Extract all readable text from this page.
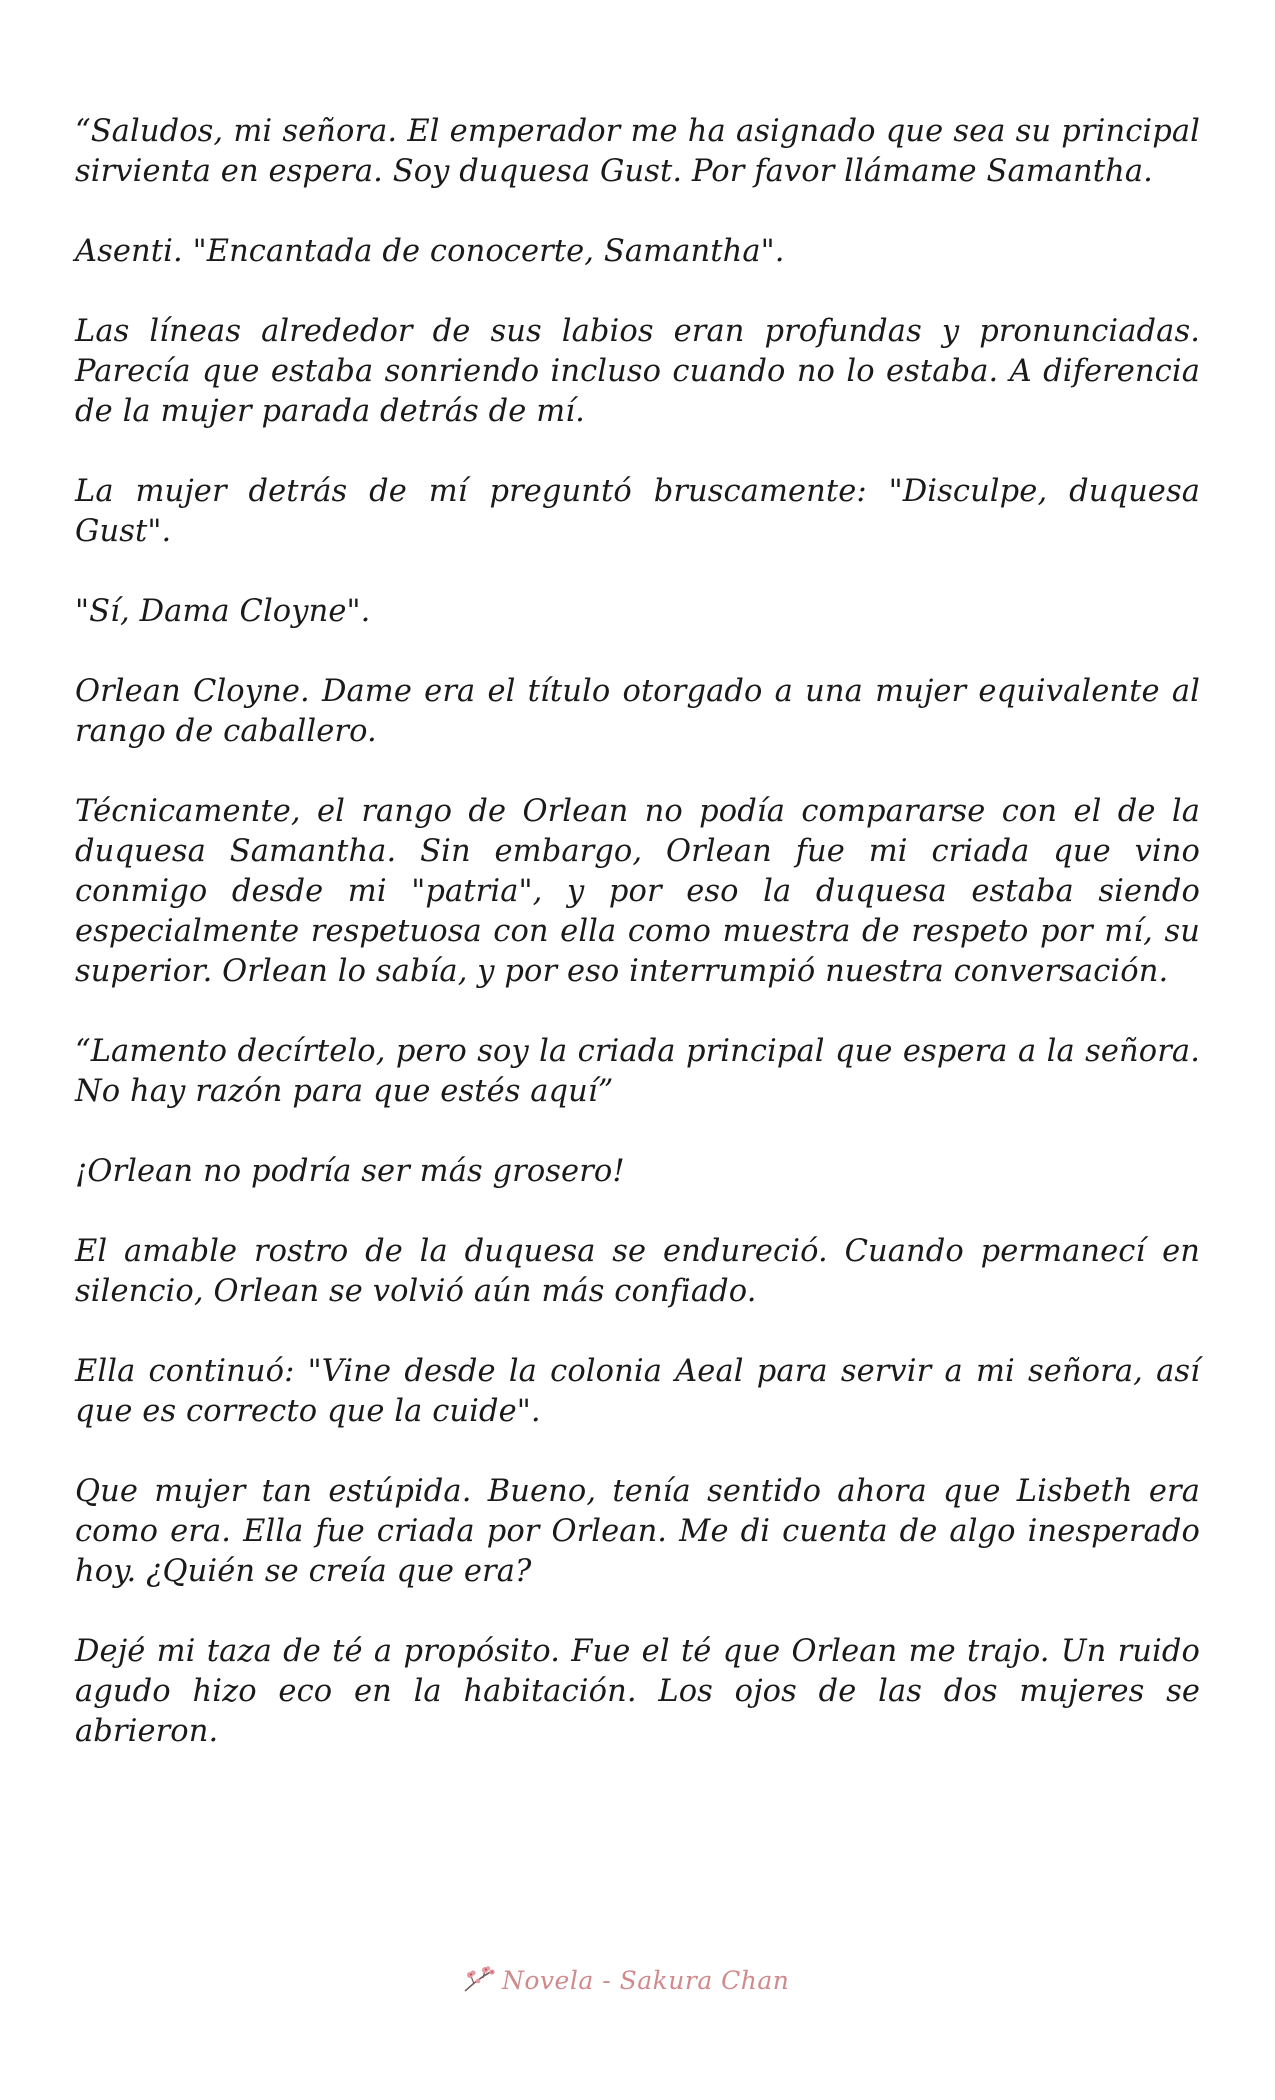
“Saludos, mi señora. El emperador me ha asignado que sea su principal sirvienta en espera. Soy duquesa Gust. Por favor llámame Samantha.

Asenti. "Encantada de conocerte, Samantha".

Las líneas alrededor de sus labios eran profundas y pronunciadas. Parecía que estaba sonriendo incluso cuando no lo estaba. A diferencia de la mujer parada detrás de mí.

La mujer detrás de mí preguntó bruscamente: "Disculpe, duquesa Gust".

"Sí, Dama Cloyne".

Orlean Cloyne. Dame era el título otorgado a una mujer equivalente al rango de caballero.

Técnicamente, el rango de Orlean no podía compararse con el de la duquesa Samantha. Sin embargo, Orlean fue mi criada que vino conmigo desde mi "patria", y por eso la duquesa estaba siendo especialmente respetuosa con ella como muestra de respeto por mí, su superior. Orlean lo sabía, y por eso interrumpió nuestra conversación.

“Lamento decírtelo, pero soy la criada principal que espera a la señora. No hay razón para que estés aquí”

¡Orlean no podría ser más grosero!

El amable rostro de la duquesa se endureció. Cuando permanecí en silencio, Orlean se volvió aún más confiado.

Ella continuó: "Vine desde la colonia Aeal para servir a mi señora, así que es correcto que la cuide".

Que mujer tan estúpida. Bueno, tenía sentido ahora que Lisbeth era como era. Ella fue criada por Orlean. Me di cuenta de algo inesperado hoy. ¿Quién se creía que era?

Dejé mi taza de té a propósito. Fue el té que Orlean me trajo. Un ruido agudo hizo eco en la habitación. Los ojos de las dos mujeres se abrieron.

Novela - Sakura Chan
